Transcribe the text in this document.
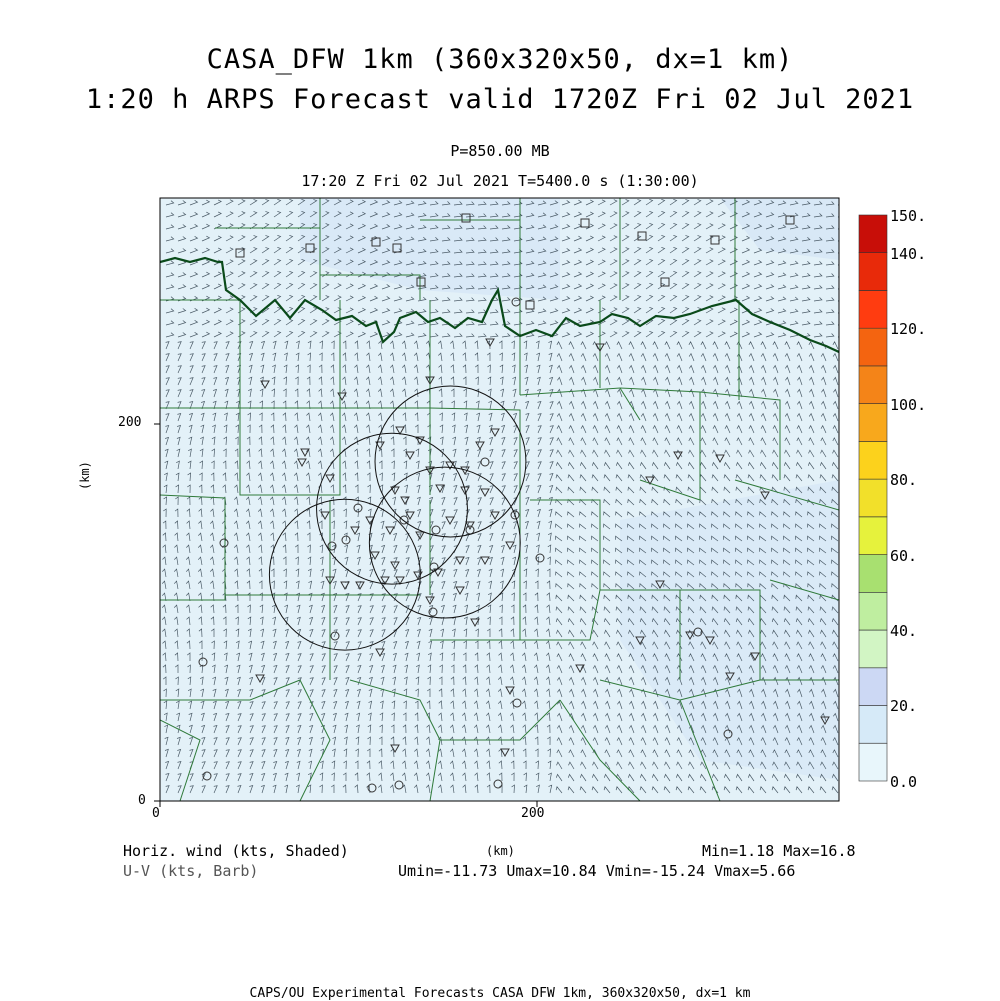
CASA_DFW 1km (360x320x50, dx=1 km)
1:20 h ARPS Forecast valid 1720Z Fri 02 Jul 2021
P=850.00 MB
17:20 Z Fri 02 Jul 2021 T=5400.0 s (1:30:00)
0	200
0
200
(km)
(km)
150.
140.
120.
100.
80.
60.
40.
20.
0.0
Horiz. wind (kts, Shaded)
U-V (kts, Barb)
Min=1.18 Max=16.8
Umin=-11.73 Umax=10.84 Vmin=-15.24 Vmax=5.66
CAPS/OU Experimental Forecasts CASA DFW 1km, 360x320x50, dx=1 km
